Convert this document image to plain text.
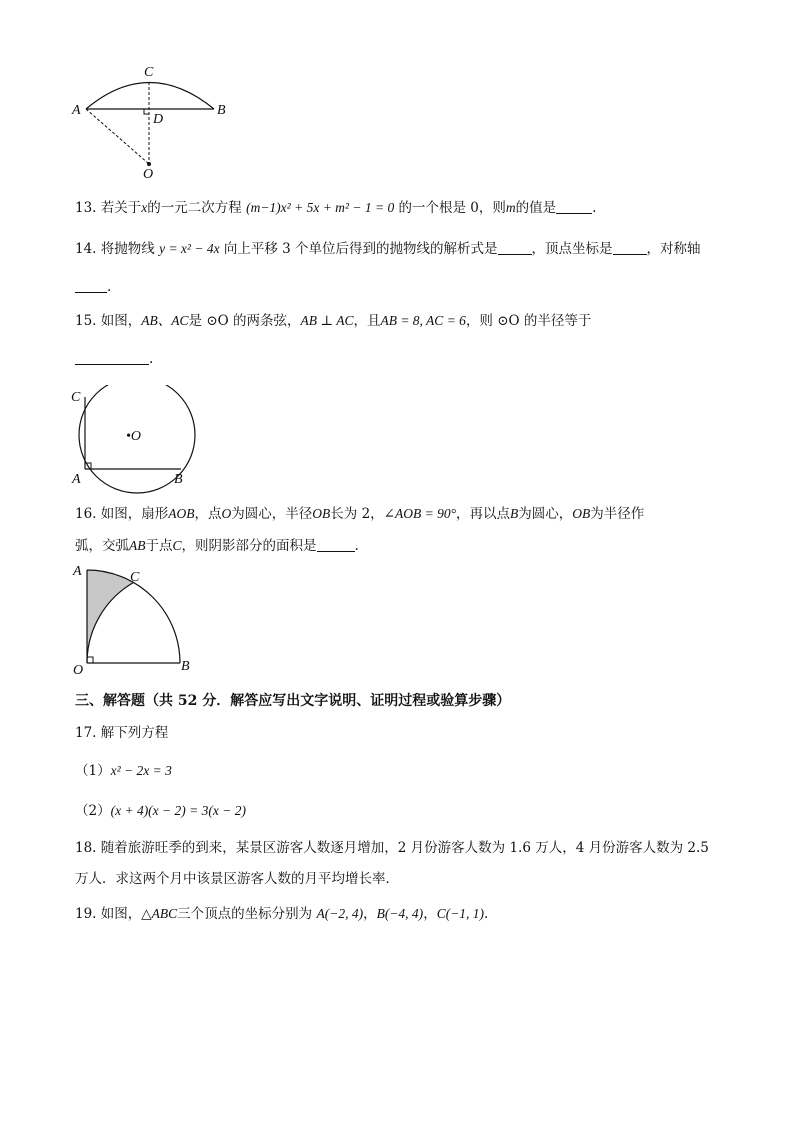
C
A	B
D
O
13. 若关于x的一元二次方程 (m−1)x² + 5x + m² − 1 = 0 的一个根是 0，则m的值是	.
14. 将抛物线 y = x² − 4x 向上平移 3 个单位后得到的抛物线的解析式是	，顶点坐标是	，对称轴
.
15. 如图，AB、AC是 ⊙O 的两条弦，AB ⊥ AC，且AB = 8, AC = 6，则 ⊙O 的半径等于
.
C
•O
A	B
16. 如图，扇形AOB，点O为圆心，半径OB长为 2，∠AOB = 90°，再以点B为圆心，OB为半径作
弧，交弧AB于点C，则阴影部分的面积是	.
A	C
O	B
三、解答题（共 52 分．解答应写出文字说明、证明过程或验算步骤）
17. 解下列方程
（1）x² − 2x = 3
（2）(x + 4)(x − 2) = 3(x − 2)
18. 随着旅游旺季的到来，某景区游客人数逐月增加，2 月份游客人数为 1.6 万人，4 月份游客人数为 2.5
万人．求这两个月中该景区游客人数的月平均增长率．
19. 如图，△ABC三个顶点的坐标分别为 A(−2, 4)，B(−4, 4)，C(−1, 1).
